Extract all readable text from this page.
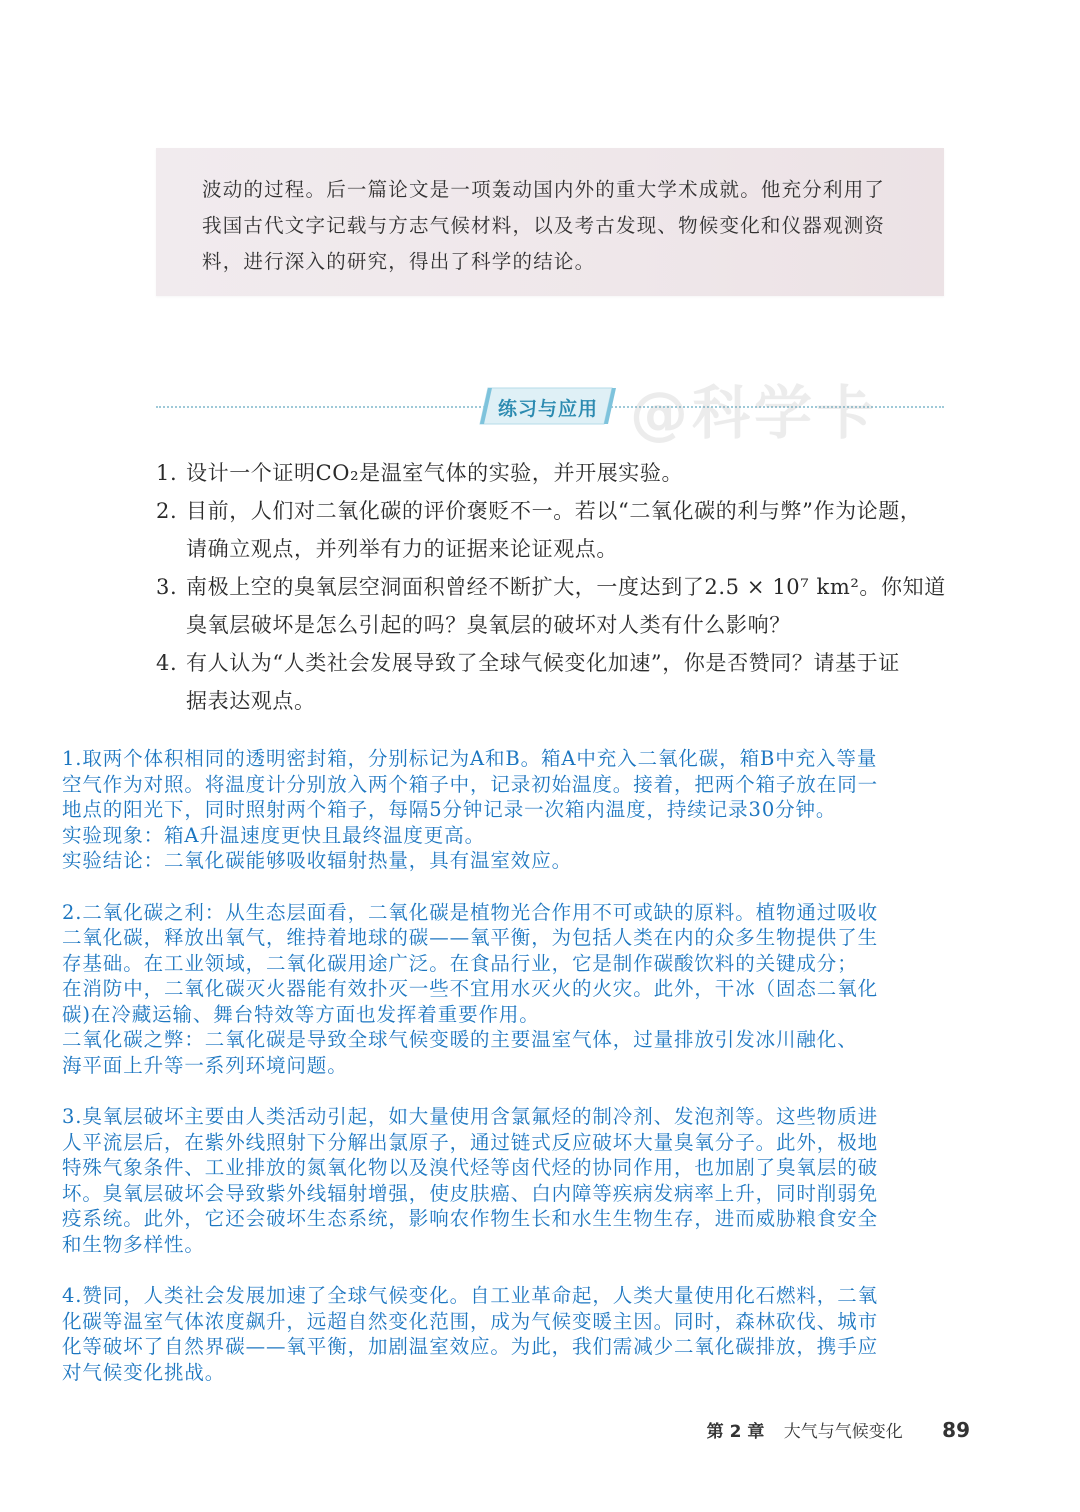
波动的过程。后一篇论文是一项轰动国内外的重大学术成就。他充分利用了

我国古代文字记载与方志气候材料，以及考古发现、物候变化和仪器观测资

料，进行深入的研究，得出了科学的结论。

练习与应用 @科学卡
1. 设计一个证明CO₂是温室气体的实验，并开展实验。
2. 目前，人们对二氧化碳的评价褒贬不一。若以“二氧化碳的利与弊”作为论题，
请确立观点，并列举有力的证据来论证观点。
3. 南极上空的臭氧层空洞面积曾经不断扩大，一度达到了2.5 × 10⁷ km²。你知道
臭氧层破坏是怎么引起的吗？臭氧层的破坏对人类有什么影响？
4. 有人认为“人类社会发展导致了全球气候变化加速”，你是否赞同？请基于证
据表达观点。
1.取两个体积相同的透明密封箱，分别标记为A和B。箱A中充入二氧化碳，箱B中充入等量
空气作为对照。将温度计分别放入两个箱子中，记录初始温度。接着，把两个箱子放在同一
地点的阳光下，同时照射两个箱子，每隔5分钟记录一次箱内温度，持续记录30分钟。
实验现象：箱A升温速度更快且最终温度更高。
实验结论：二氧化碳能够吸收辐射热量，具有温室效应。
2.二氧化碳之利：从生态层面看，二氧化碳是植物光合作用不可或缺的原料。植物通过吸收
二氧化碳，释放出氧气，维持着地球的碳——氧平衡，为包括人类在内的众多生物提供了生
存基础。在工业领域，二氧化碳用途广泛。在食品行业，它是制作碳酸饮料的关键成分；
在消防中，二氧化碳灭火器能有效扑灭一些不宜用水灭火的火灾。此外，干冰（固态二氧化
碳)在冷藏运输、舞台特效等方面也发挥着重要作用。
二氧化碳之弊：二氧化碳是导致全球气候变暖的主要温室气体，过量排放引发冰川融化、
海平面上升等一系列环境问题。
3.臭氧层破坏主要由人类活动引起，如大量使用含氯氟烃的制冷剂、发泡剂等。这些物质进
人平流层后，在紫外线照射下分解出氯原子，通过链式反应破坏大量臭氧分子。此外，极地
特殊气象条件、工业排放的氮氧化物以及溴代烃等卤代烃的协同作用，也加剧了臭氧层的破
坏。臭氧层破坏会导致紫外线辐射增强，使皮肤癌、白内障等疾病发病率上升，同时削弱免
疫系统。此外，它还会破坏生态系统，影响农作物生长和水生生物生存，进而威胁粮食安全
和生物多样性。
4.赞同，人类社会发展加速了全球气候变化。自工业革命起，人类大量使用化石燃料，二氧
化碳等温室气体浓度飙升，远超自然变化范围，成为气候变暖主因。同时，森林砍伐、城市
化等破坏了自然界碳——氧平衡，加剧温室效应。为此，我们需减少二氧化碳排放，携手应
对气候变化挑战。
第 2 章 大气与气候变化 89
